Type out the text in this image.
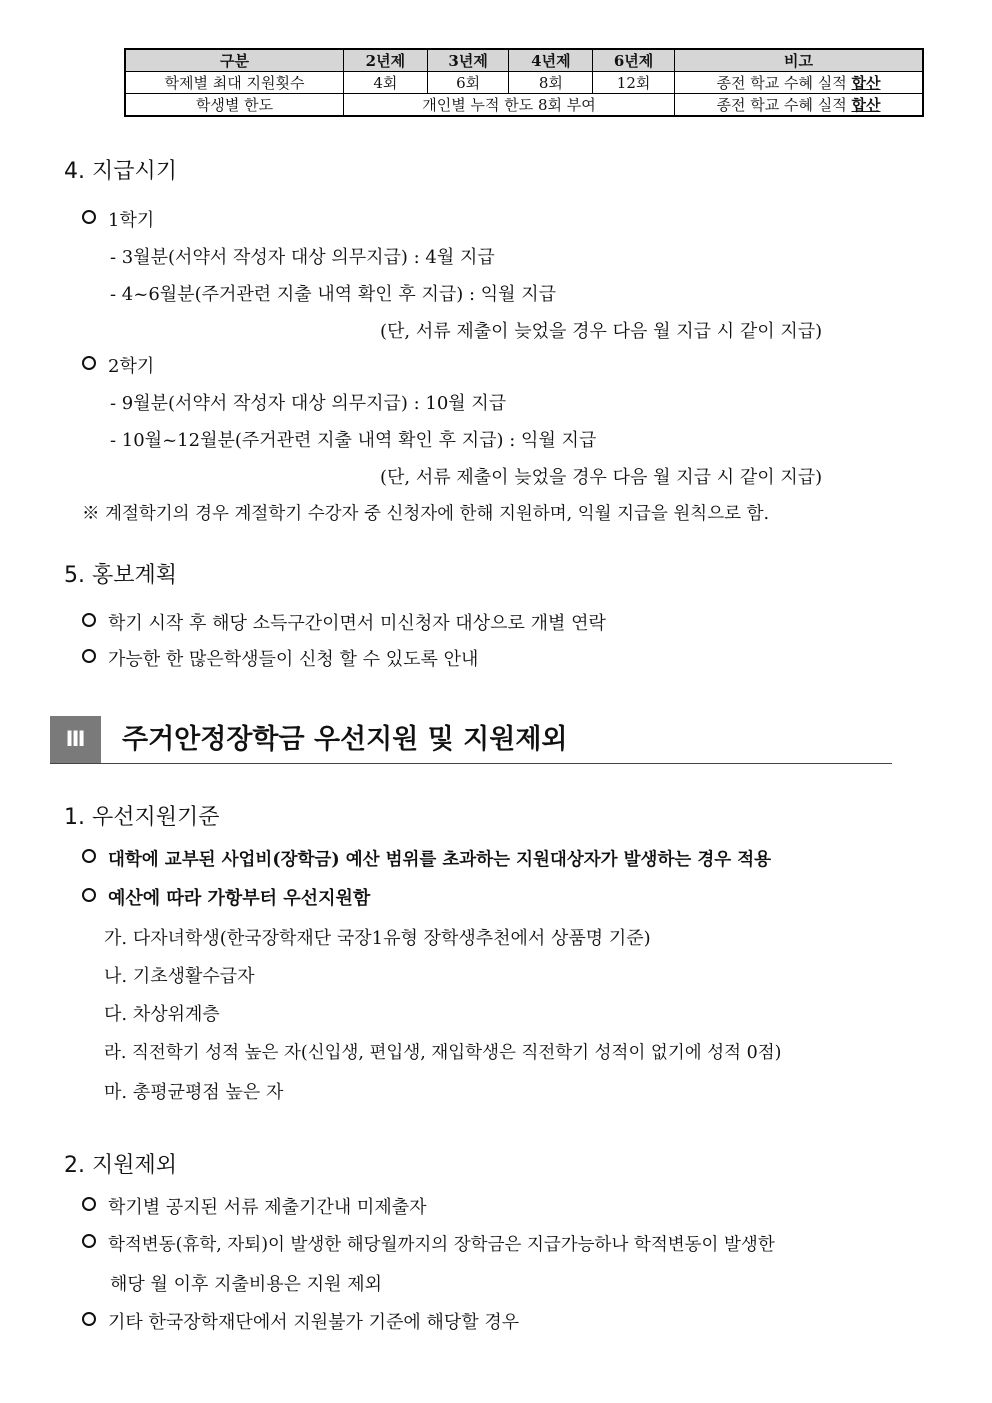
구분	2년제	3년제	4년제	6년제	비고
학제별 최대 지원횟수	4회	6회	8회	12회	종전 학교 수혜 실적 합산
학생별 한도	개인별 누적 한도 8회 부여				종전 학교 수혜 실적 합산
4. 지급시기
1학기
- 3월분(서약서 작성자 대상 의무지급) : 4월 지급
- 4~6월분(주거관련 지출 내역 확인 후 지급) : 익월 지급
(단, 서류 제출이 늦었을 경우 다음 월 지급 시 같이 지급)
2학기
- 9월분(서약서 작성자 대상 의무지급) : 10월 지급
- 10월~12월분(주거관련 지출 내역 확인 후 지급) : 익월 지급
(단, 서류 제출이 늦었을 경우 다음 월 지급 시 같이 지급)
※ 계절학기의 경우 계절학기 수강자 중 신청자에 한해 지원하며, 익월 지급을 원칙으로 함.
5. 홍보계획
학기 시작 후 해당 소득구간이면서 미신청자 대상으로 개별 연락
가능한 한 많은학생들이 신청 할 수 있도록 안내
Ⅲ	주거안정장학금 우선지원 및 지원제외
1. 우선지원기준
대학에 교부된 사업비(장학금) 예산 범위를 초과하는 지원대상자가 발생하는 경우 적용
예산에 따라 가항부터 우선지원함
가. 다자녀학생(한국장학재단 국장1유형 장학생추천에서 상품명 기준)
나. 기초생활수급자
다. 차상위계층
라. 직전학기 성적 높은 자(신입생, 편입생, 재입학생은 직전학기 성적이 없기에 성적 0점)
마. 총평균평점 높은 자
2. 지원제외
학기별 공지된 서류 제출기간내 미제출자
학적변동(휴학, 자퇴)이 발생한 해당월까지의 장학금은 지급가능하나 학적변동이 발생한
해당 월 이후 지출비용은 지원 제외
기타 한국장학재단에서 지원불가 기준에 해당할 경우
